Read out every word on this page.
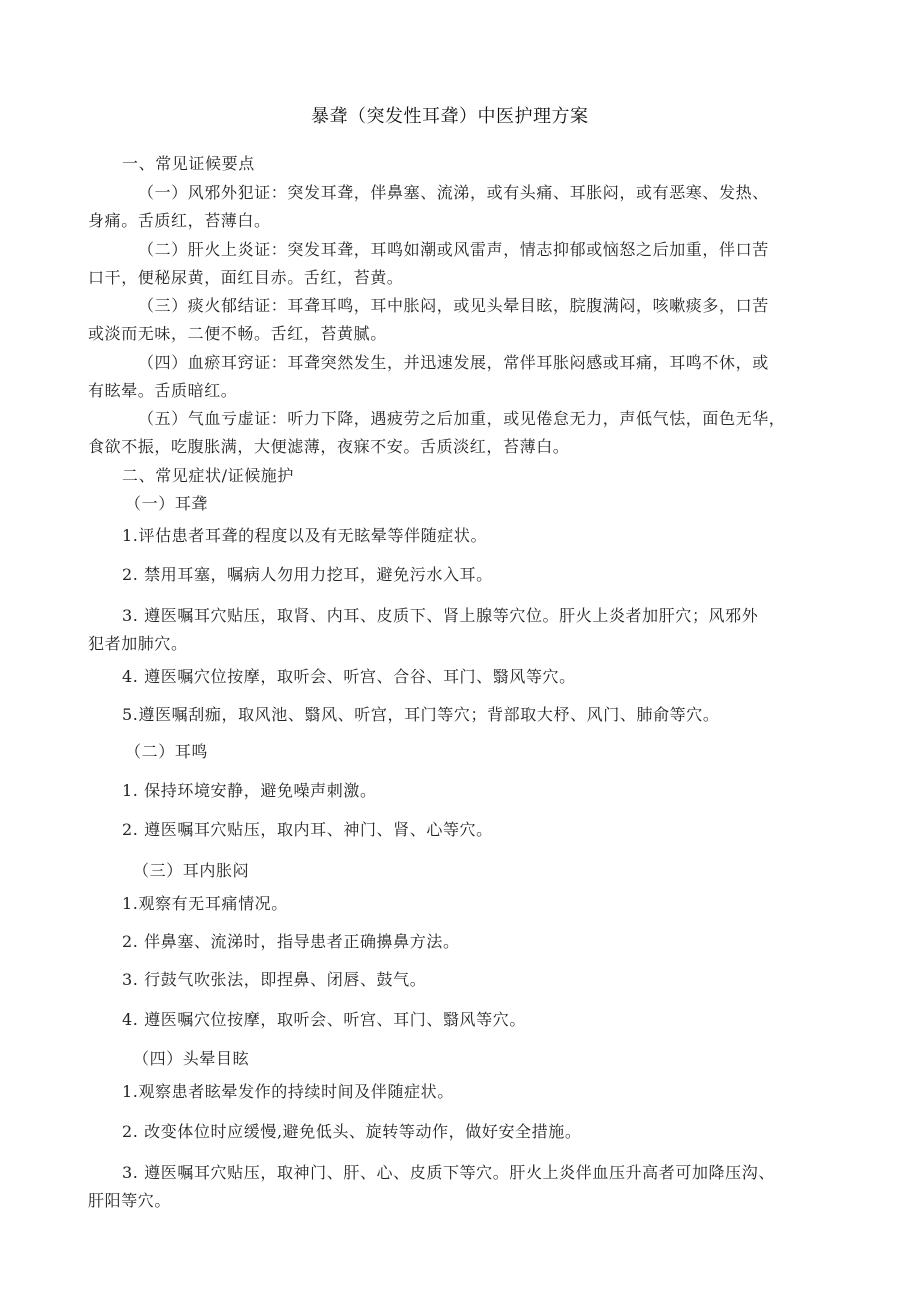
暴聋（突发性耳聋）中医护理方案
一、常见证候要点
（一）风邪外犯证：突发耳聋，伴鼻塞、流涕，或有头痛、耳胀闷，或有恶寒、发热、
身痛。舌质红，苔薄白。
（二）肝火上炎证：突发耳聋，耳鸣如潮或风雷声，情志抑郁或恼怒之后加重，伴口苦
口干，便秘尿黄，面红目赤。舌红，苔黄。
（三）痰火郁结证：耳聋耳鸣，耳中胀闷，或见头晕目眩，脘腹满闷，咳嗽痰多，口苦
或淡而无味，二便不畅。舌红，苔黄腻。
（四）血瘀耳窍证：耳聋突然发生，并迅速发展，常伴耳胀闷感或耳痛，耳鸣不休，或
有眩晕。舌质暗红。
（五）气血亏虚证：听力下降，遇疲劳之后加重，或见倦怠无力，声低气怯，面色无华，
食欲不振，吃腹胀满，大便滤薄，夜寐不安。舌质淡红，苔薄白。
二、常见症状/证候施护
（一）耳聋
1.评估患者耳聋的程度以及有无眩晕等伴随症状。
2. 禁用耳塞，嘱病人勿用力挖耳，避免污水入耳。
3. 遵医嘱耳穴贴压，取肾、内耳、皮质下、肾上腺等穴位。肝火上炎者加肝穴；风邪外
犯者加肺穴。
4. 遵医嘱穴位按摩，取听会、听宫、合谷、耳门、翳风等穴。
5.遵医嘱刮痂，取风池、翳风、听宫，耳门等穴；背部取大杼、风门、肺俞等穴。
（二）耳鸣
1. 保持环境安静，避免噪声刺激。
2. 遵医嘱耳穴贴压，取内耳、神门、肾、心等穴。
（三）耳内胀闷
1.观察有无耳痛情况。
2. 伴鼻塞、流涕时，指导患者正确擤鼻方法。
3. 行鼓气吹张法，即捏鼻、闭唇、鼓气。
4. 遵医嘱穴位按摩，取听会、听宫、耳门、翳风等穴。
（四）头晕目眩
1.观察患者眩晕发作的持续时间及伴随症状。
2. 改变体位时应缓慢,避免低头、旋转等动作，做好安全措施。
3. 遵医嘱耳穴贴压，取神门、肝、心、皮质下等穴。肝火上炎伴血压升高者可加降压沟、
肝阳等穴。
